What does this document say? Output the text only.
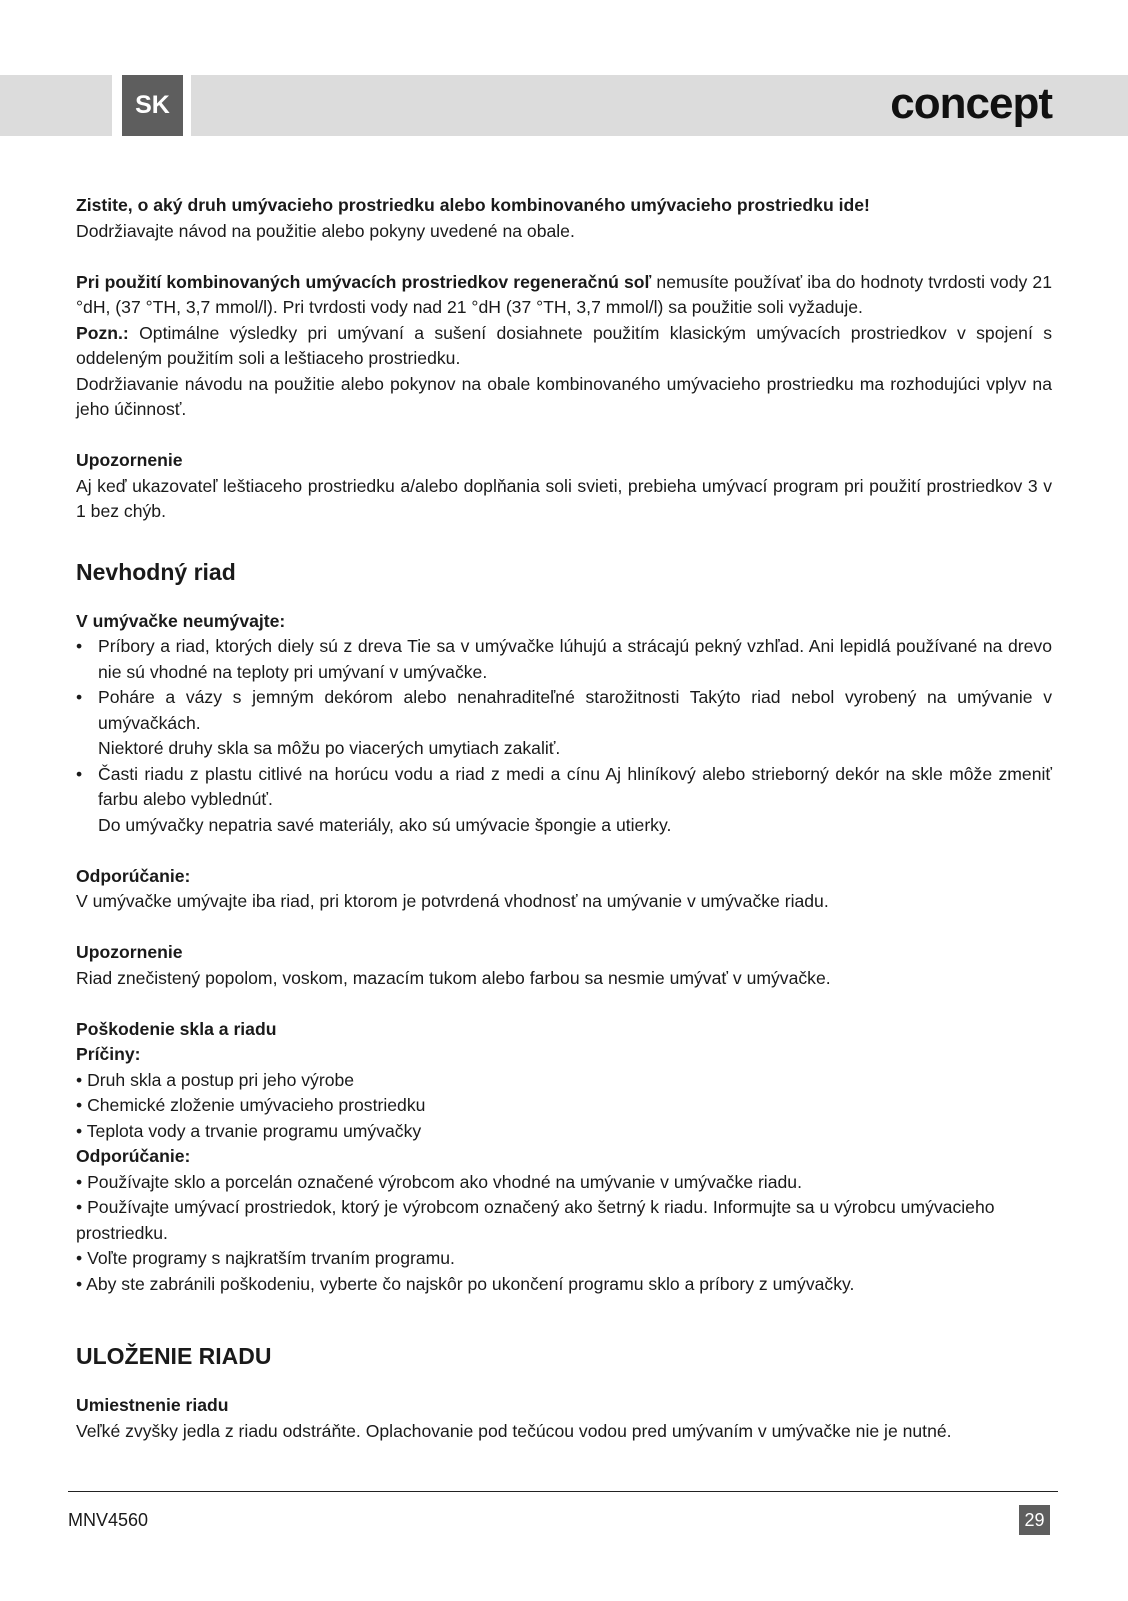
SK	concept

Zistite, o aký druh umývacieho prostriedku alebo kombinovaného umývacieho prostriedku ide!

Dodržiavajte návod na použitie alebo pokyny uvedené na obale.

Pri použití kombinovaných umývacích prostriedkov regeneračnú soľ nemusíte používať iba do hodnoty tvrdosti vody 21 °dH, (37 °TH, 3,7 mmol/l). Pri tvrdosti vody nad 21 °dH (37 °TH, 3,7 mmol/l) sa použitie soli vyžaduje.

Pozn.: Optimálne výsledky pri umývaní a sušení dosiahnete použitím klasickým umývacích prostriedkov v spojení s oddeleným použitím soli a leštiaceho prostriedku.

Dodržiavanie návodu na použitie alebo pokynov na obale kombinovaného umývacieho prostriedku ma rozhodujúci vplyv na jeho účinnosť.

Upozornenie

Aj keď ukazovateľ leštiaceho prostriedku a/alebo doplňania soli svieti, prebieha umývací program pri použití prostriedkov 3 v 1 bez chýb.

Nevhodný riad

V umývačke neumývajte:

• Príbory a riad, ktorých diely sú z dreva Tie sa v umývačke lúhujú a strácajú pekný vzhľad. Ani lepidlá používané na drevo nie sú vhodné na teploty pri umývaní v umývačke.
• Poháre a vázy s jemným dekórom alebo nenahraditeľné starožitnosti Takýto riad nebol vyrobený na umývanie v umývačkách.

Niektoré druhy skla sa môžu po viacerých umytiach zakaliť.

• Časti riadu z plastu citlivé na horúcu vodu a riad z medi a cínu Aj hliníkový alebo strieborný dekór na skle môže zmeniť farbu alebo vyblednúť.

Do umývačky nepatria savé materiály, ako sú umývacie špongie a utierky.

Odporúčanie:

V umývačke umývajte iba riad, pri ktorom je potvrdená vhodnosť na umývanie v umývačke riadu.

Upozornenie

Riad znečistený popolom, voskom, mazacím tukom alebo farbou sa nesmie umývať v umývačke.

Poškodenie skla a riadu

Príčiny:

• Druh skla a postup pri jeho výrobe
• Chemické zloženie umývacieho prostriedku
• Teplota vody a trvanie programu umývačky

Odporúčanie:

• Používajte sklo a porcelán označené výrobcom ako vhodné na umývanie v umývačke riadu.
• Používajte umývací prostriedok, ktorý je výrobcom označený ako šetrný k riadu. Informujte sa u výrobcu umývacieho prostriedku.
• Voľte programy s najkratším trvaním programu.
• Aby ste zabránili poškodeniu, vyberte čo najskôr po ukončení programu sklo a príbory z umývačky.

ULOŽENIE RIADU

Umiestnenie riadu

Veľké zvyšky jedla z riadu odstráňte. Oplachovanie pod tečúcou vodou pred umývaním v umývačke nie je nutné.

MNV4560	29
